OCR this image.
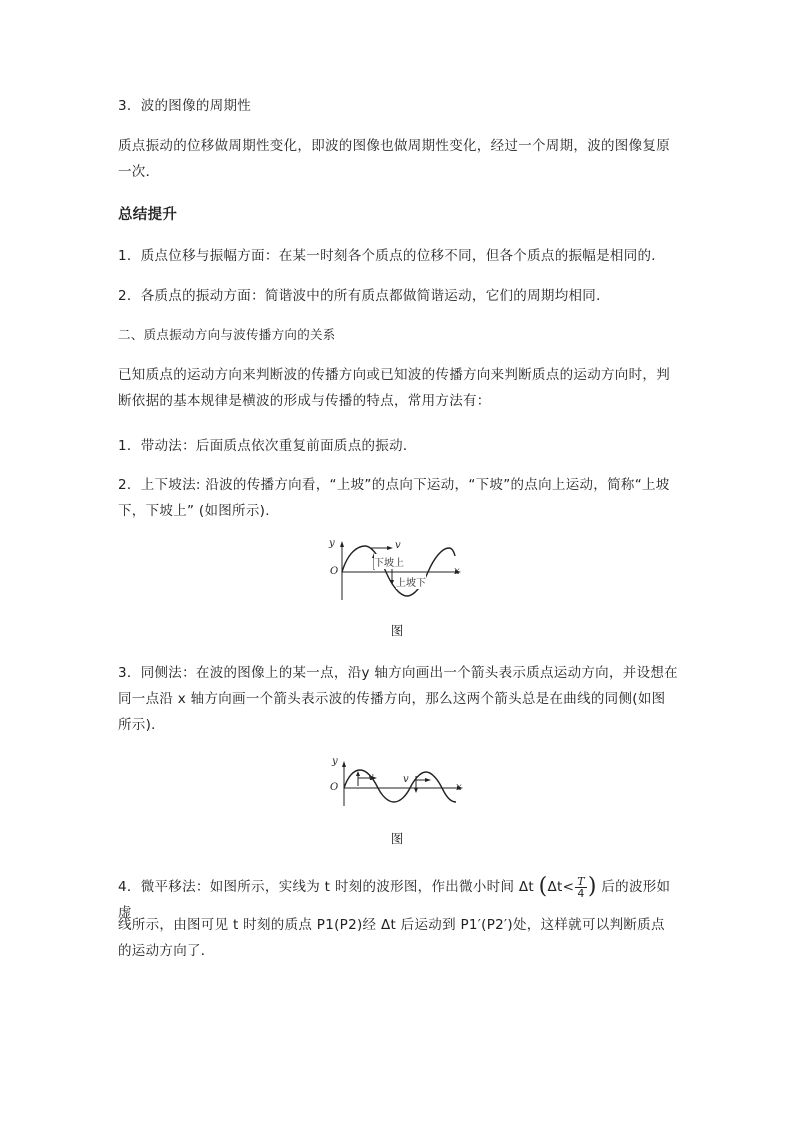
3．波的图像的周期性
质点振动的位移做周期性变化，即波的图像也做周期性变化，经过一个周期，波的图像复原一次．
总结提升
1．质点位移与振幅方面：在某一时刻各个质点的位移不同，但各个质点的振幅是相同的．
2．各质点的振动方面：简谐波中的所有质点都做简谐运动，它们的周期均相同．
二、质点振动方向与波传播方向的关系
已知质点的运动方向来判断波的传播方向或已知波的传播方向来判断质点的运动方向时，判断依据的基本规律是横波的形成与传播的特点，常用方法有：
1．带动法：后面质点依次重复前面质点的振动．
2．上下坡法: 沿波的传播方向看，“上坡”的点向下运动，“下坡”的点向上运动，简称“上坡下，下坡上” (如图所示).
y
x
O
v
下坡上
上坡下
图
3．同侧法：在波的图像上的某一点，沿y 轴方向画出一个箭头表示质点运动方向，并设想在同一点沿 x 轴方向画一个箭头表示波的传播方向，那么这两个箭头总是在曲线的同侧(如图所示)．
y
x
O
v	v
图
4．微平移法：如图所示，实线为 t 时刻的波形图，作出微小时间 Δt ($\Delta t< \frac{T}{4}$ ) 后的波形如虚
线所示，由图可见 t 时刻的质点 P1(P2)经 Δt 后运动到 P1′(P2′)处，这样就可以判断质点的运动方向了．
